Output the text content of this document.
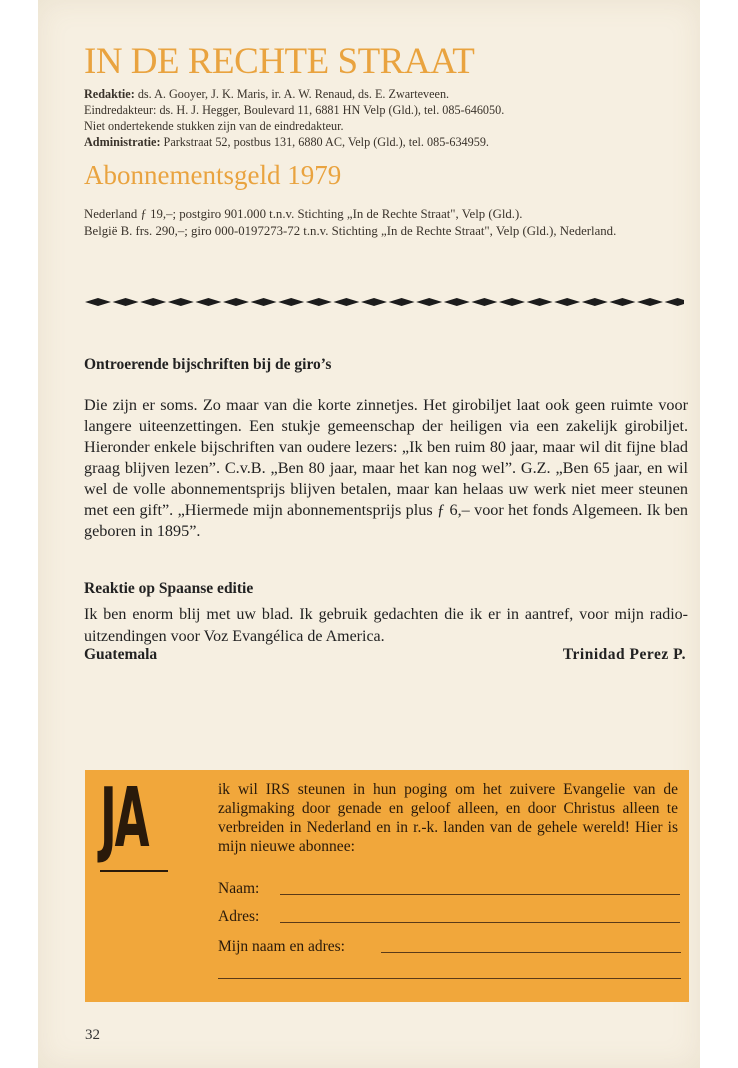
IN DE RECHTE STRAAT

Redaktie: ds. A. Gooyer, J. K. Maris, ir. A. W. Renaud, ds. E. Zwarteveen.

Eindredakteur: ds. H. J. Hegger, Boulevard 11, 6881 HN Velp (Gld.), tel. 085-646050.

Niet ondertekende stukken zijn van de eindredakteur.

Administratie: Parkstraat 52, postbus 131, 6880 AC, Velp (Gld.), tel. 085-634959.

Abonnementsgeld 1979

Nederland ƒ 19,–; postgiro 901.000 t.n.v. Stichting „In de Rechte Straat", Velp (Gld.).

België B. frs. 290,–; giro 000-0197273-72 t.n.v. Stichting „In de Rechte Straat", Velp (Gld.), Nederland.

Ontroerende bijschriften bij de giro’s
Die zijn er soms. Zo maar van die korte zinnetjes. Het girobiljet laat ook geen ruimte voor langere uiteenzettingen. Een stukje gemeenschap der heiligen via een zakelijk girobiljet. Hieronder enkele bijschriften van oudere lezers: „Ik ben ruim 80 jaar, maar wil dit fijne blad graag blijven lezen”. C.v.B. „Ben 80 jaar, maar het kan nog wel”. G.Z. „Ben 65 jaar, en wil wel de volle abonnementsprijs blijven betalen, maar kan helaas uw werk niet meer steunen met een gift”. „Hiermede mijn abonnementsprijs plus ƒ 6,– voor het fonds Algemeen. Ik ben geboren in 1895”.
Reaktie op Spaanse editie
Ik ben enorm blij met uw blad. Ik gebruik gedachten die ik er in aantref, voor mijn radio-uitzendingen voor Voz Evangélica de America.
Guatemala	Trinidad Perez P.
JA	ik wil IRS steunen in hun poging om het zuivere Evangelie van de zaligmaking door genade en geloof alleen, en door Christus alleen te verbreiden in Nederland en in r.-k. landen van de gehele wereld! Hier is mijn nieuwe abonnee:
Naam:
Adres:
Mijn naam en adres:
32
